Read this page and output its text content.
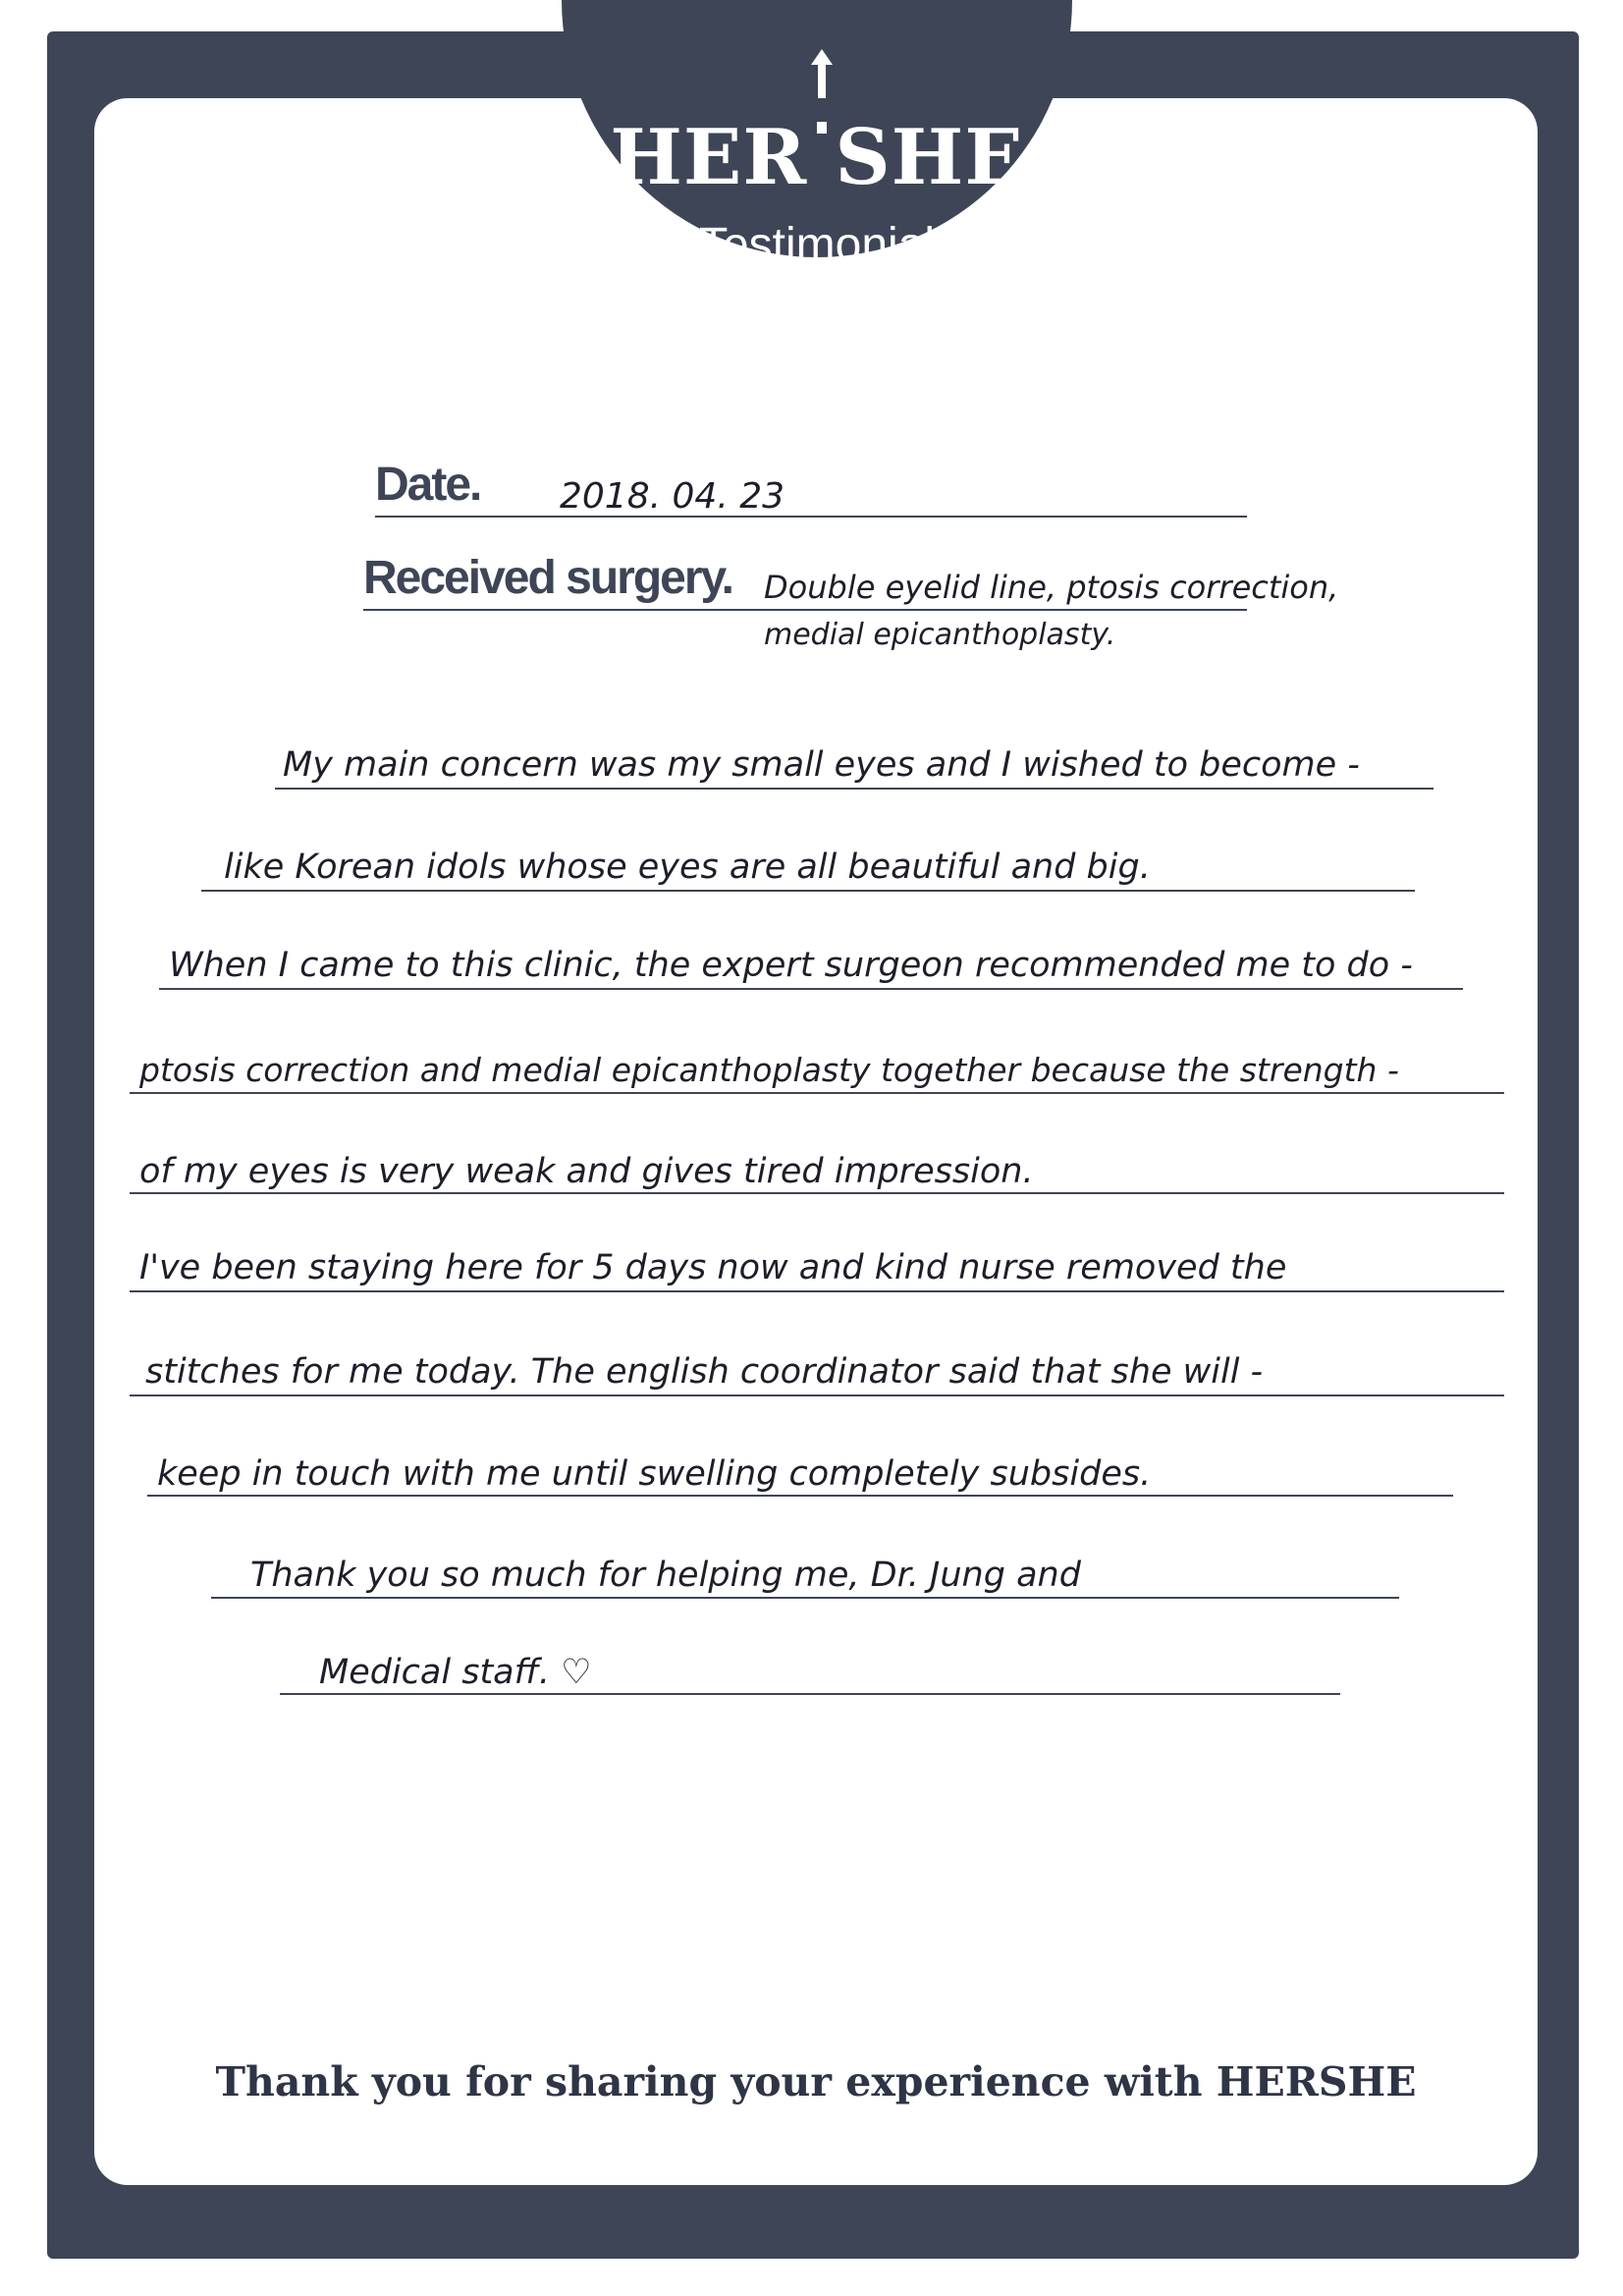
HER SHE
Testimonial
Date. 2018. 04. 23
Received surgery. Double eyelid line, ptosis correction,
medial epicanthoplasty.
My main concern was my small eyes and I wished to become -
like Korean idols whose eyes are all beautiful and big.
When I came to this clinic, the expert surgeon recommended me to do -
ptosis correction and medial epicanthoplasty together because the strength -
of my eyes is very weak and gives tired impression.
I've been staying here for 5 days now and kind nurse removed the
stitches for me today. The english coordinator said that she will -
keep in touch with me until swelling completely subsides.
Thank you so much for helping me, Dr. Jung and
Medical staff. ♡
Thank you for sharing your experience with HERSHE
